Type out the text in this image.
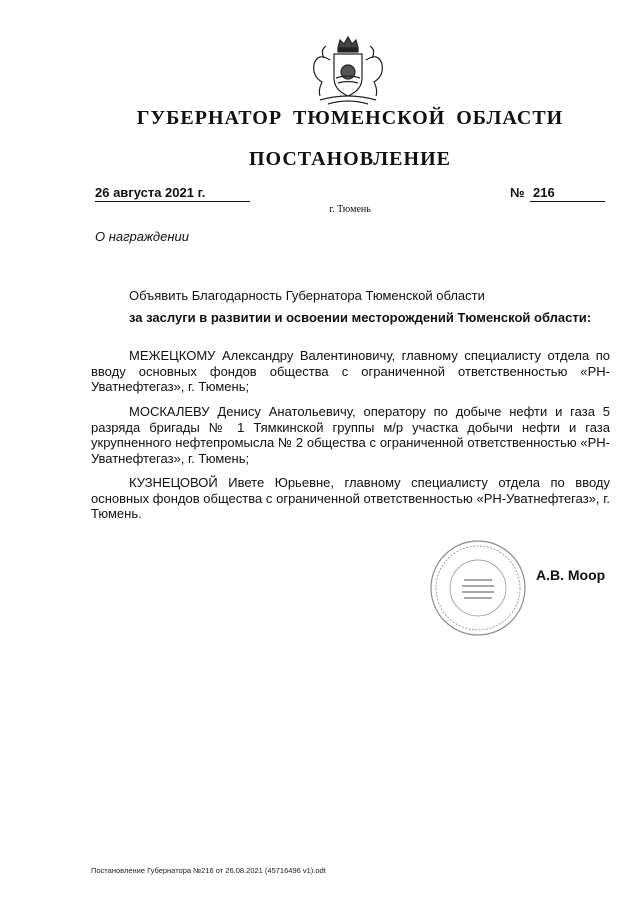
ГУБЕРНАТОР ТЮМЕНСКОЙ ОБЛАСТИ
ПОСТАНОВЛЕНИЕ
26 августа 2021 г.	№ 216
г. Тюмень
О награждении
Объявить Благодарность Губернатора Тюменской области
за заслуги в развитии и освоении месторождений Тюменской области:
МЕЖЕЦКОМУ Александру Валентиновичу, главному специалисту отдела по вводу основных фондов общества с ограниченной ответственностью «РН-Уватнефтегаз», г. Тюмень;
МОСКАЛЕВУ Денису Анатольевичу, оператору по добыче нефти и газа 5 разряда бригады № 1 Тямкинской группы м/р участка добычи нефти и газа укрупненного нефтепромысла № 2 общества с ограниченной ответственностью «РН-Уватнефтегаз», г. Тюмень;
КУЗНЕЦОВОЙ Ивете Юрьевне, главному специалисту отдела по вводу основных фондов общества с ограниченной ответственностью «РН-Уватнефтегаз», г. Тюмень.
А.В. Моор
Постановление Губернатора №216 от 26.08.2021 (45716496 v1).odt
